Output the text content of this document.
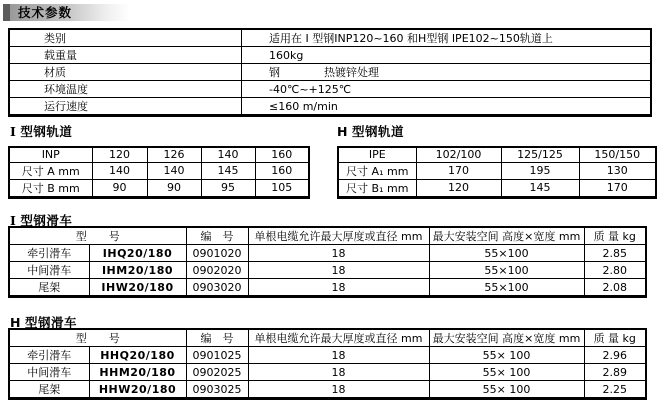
技术参数
类别	适用在 I 型钢INP120~160 和H型钢 IPE102~150轨道上
载重量	160kg
材质	钢　　　　热镀锌处理
环境温度	-40℃~+125℃
运行速度	≤160 m/min
I 型钢轨道
INP	120	126	140	160
尺寸 A mm	140	140	145	160
尺寸 B mm	90	90	95	105
H 型钢轨道
IPE	102/100	125/125	150/150
尺寸 A₁ mm	170	195	130
尺寸 B₁ mm	120	145	170
I 型钢滑车
型　　号		编　号	单根电缆允许最大厚度或直径 mm	最大安装空间 高度×宽度 mm	质 量 kg
牵引滑车	IHQ20/180	0901020	18	55×100	2.85
中间滑车	IHM20/180	0902020	18	55×100	2.80
尾架	IHW20/180	0903020	18	55×100	2.08
H 型钢滑车
型　　号		编　号	单根电缆允许最大厚度或直径 mm	最大安装空间 高度×宽度 mm	质 量 kg
牵引滑车	HHQ20/180	0901025	18	55× 100	2.96
中间滑车	HHM20/180	0902025	18	55× 100	2.89
尾架	HHW20/180	0903025	18	55× 100	2.25
